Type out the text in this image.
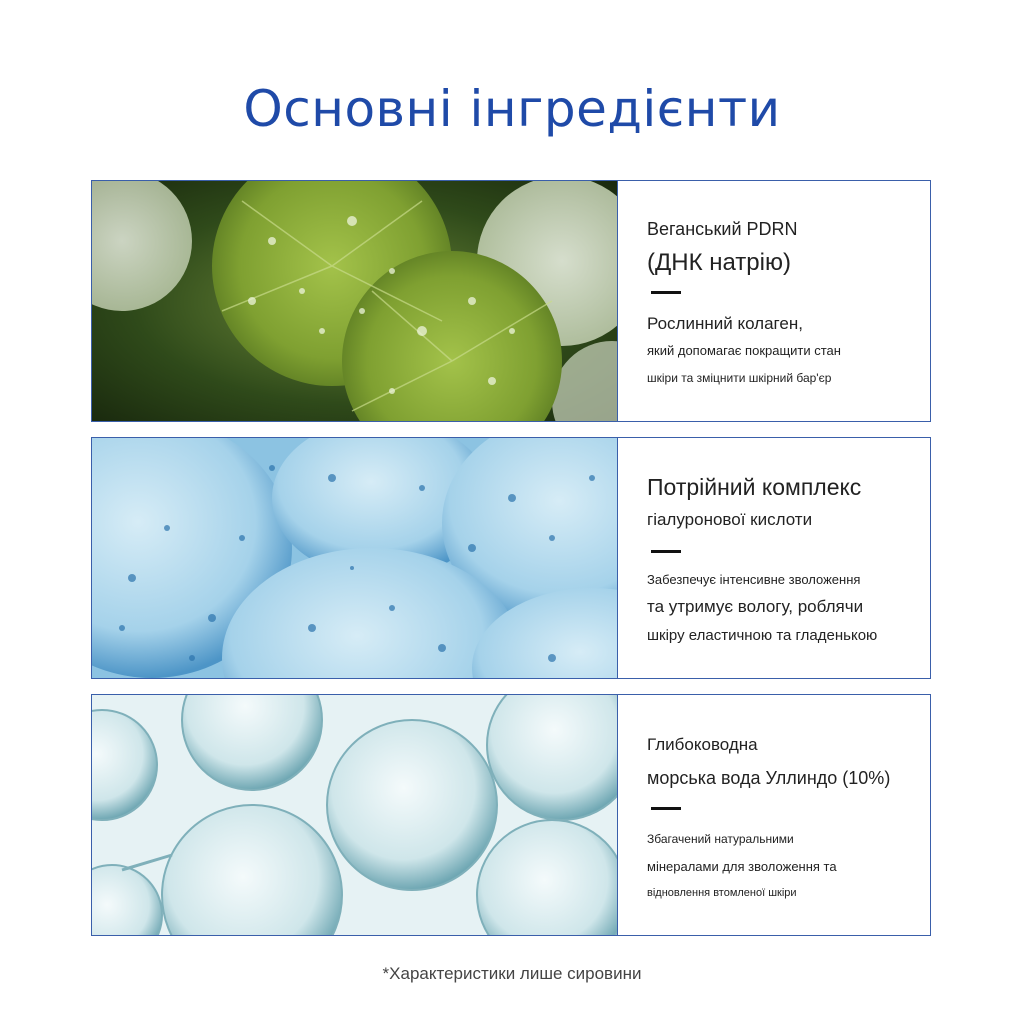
Основні інгредієнти
Веганський PDRN
(ДНК натрію)
Рослинний колаген,
який допомагає покращити стан
шкіри та зміцнити шкірний бар'єр
Потрійний комплекс
гіалуронової кислоти
Забезпечує інтенсивне зволоження
та утримує вологу, роблячи
шкіру еластичною та гладенькою
Глибоководна
морська вода Уллиндо (10%)
Збагачений натуральними
мінералами для зволоження та
відновлення втомленої шкіри
*Характеристики лише сировини
